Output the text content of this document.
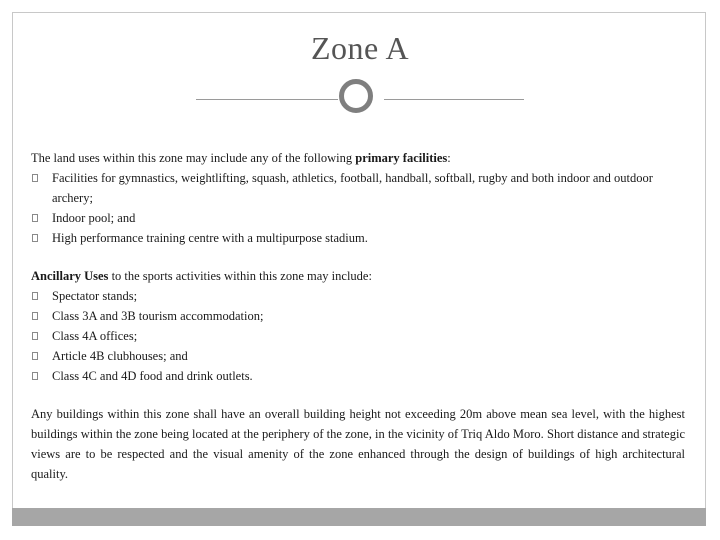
Zone A

The land uses within this zone may include any of the following primary facilities:

Facilities for gymnastics, weightlifting, squash, athletics, football, handball, softball, rugby and both indoor and outdoor archery;
Indoor pool; and
High performance training centre with a multipurpose stadium.

Ancillary Uses to the sports activities within this zone may include:

Spectator stands;
Class 3A and 3B tourism accommodation;
Class 4A offices;
Article 4B clubhouses; and
Class 4C and 4D food and drink outlets.

Any buildings within this zone shall have an overall building height not exceeding 20m above mean sea level, with the highest buildings within the zone being located at the periphery of the zone, in the vicinity of Triq Aldo Moro. Short distance and strategic views are to be respected and the visual amenity of the zone enhanced through the design of buildings of high architectural quality.
